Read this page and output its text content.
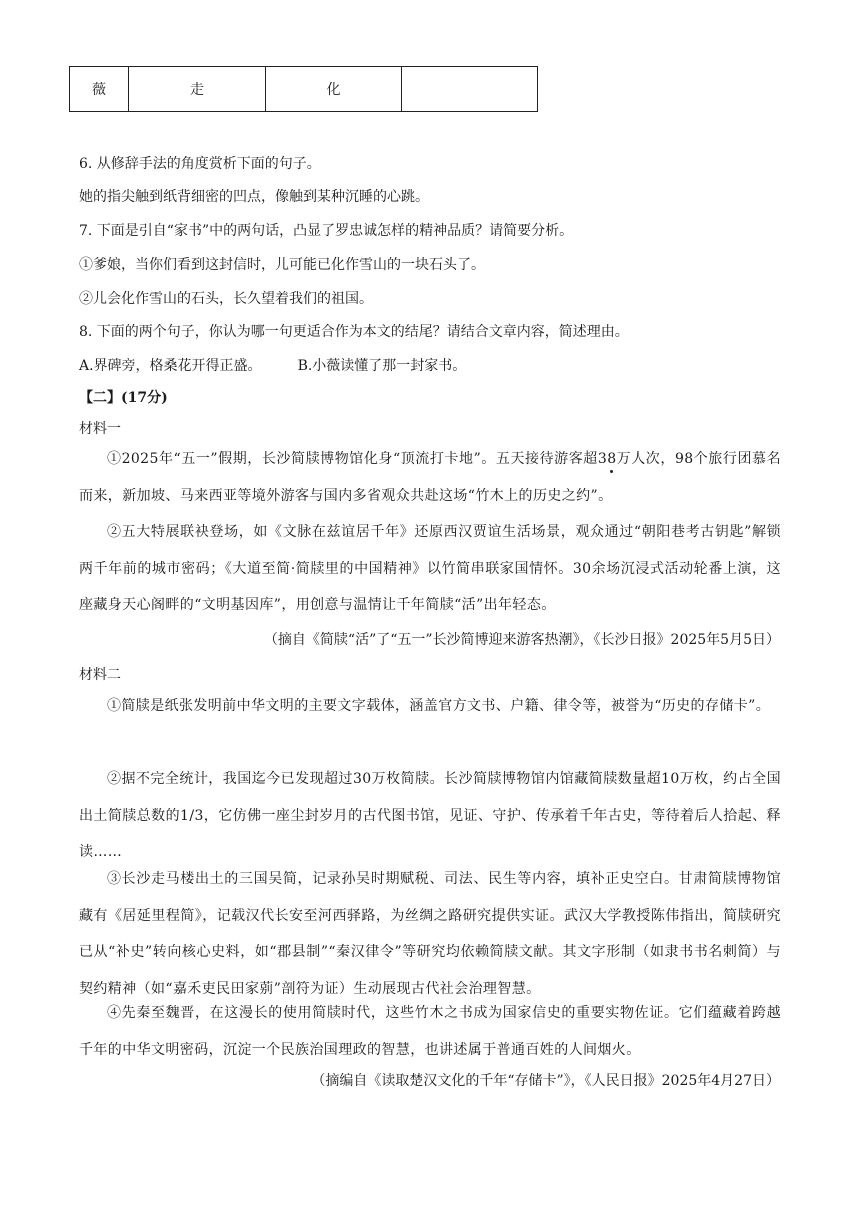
薇	走	化	
6. 从修辞手法的角度赏析下面的句子。
她的指尖触到纸背细密的凹点，像触到某种沉睡的心跳。
7. 下面是引自“家书”中的两句话，凸显了罗忠诚怎样的精神品质？请简要分析。
①爹娘，当你们看到这封信时，儿可能已化作雪山的一块石头了。
②儿会化作雪山的石头，长久望着我们的祖国。
8. 下面的两个句子，你认为哪一句更适合作为本文的结尾？请结合文章内容，简述理由。
A.界碑旁，格桑花开得正盛。	B.小薇读懂了那一封家书。
【二】(17分)
材料一
①2025年“五一”假期，长沙简牍博物馆化身“顶流打卡地”。五天接待游客超38万人次，98个旅行团慕名而来，新加坡、马来西亚等境外游客与国内多省观众共赴这场“竹木上的历史之约”。
②五大特展联袂登场，如《文脉在兹谊居千年》还原西汉贾谊生活场景，观众通过“朝阳巷考古钥匙”解锁两千年前的城市密码；《大道至简·简牍里的中国精神》以竹简串联家国情怀。30余场沉浸式活动轮番上演，这座藏身天心阁畔的“文明基因库”，用创意与温情让千年简牍“活”出年轻态。
（摘自《简牍“活”了“五一”长沙简博迎来游客热潮》，《长沙日报》2025年5月5日）
材料二
①简牍是纸张发明前中华文明的主要文字载体，涵盖官方文书、户籍、律令等，被誉为“历史的存储卡”。
②据不完全统计，我国迄今已发现超过30万枚简牍。长沙简牍博物馆内馆藏简牍数量超10万枚，约占全国出土简牍总数的1/3，它仿佛一座尘封岁月的古代图书馆，见证、守护、传承着千年古史，等待着后人拾起、释读……
③长沙走马楼出土的三国吴简，记录孙吴时期赋税、司法、民生等内容，填补正史空白。甘肃简牍博物馆藏有《居延里程简》，记载汉代长安至河西驿路，为丝绸之路研究提供实证。武汉大学教授陈伟指出，简牍研究已从“补史”转向核心史料，如“郡县制”“秦汉律令”等研究均依赖简牍文献。其文字形制（如隶书书名刺简）与契约精神（如“嘉禾吏民田家莂”剖符为证）生动展现古代社会治理智慧。
④先秦至魏晋，在这漫长的使用简牍时代，这些竹木之书成为国家信史的重要实物佐证。它们蕴藏着跨越千年的中华文明密码，沉淀一个民族治国理政的智慧，也讲述属于普通百姓的人间烟火。
（摘编自《读取楚汉文化的千年“存储卡”》，《人民日报》2025年4月27日）
